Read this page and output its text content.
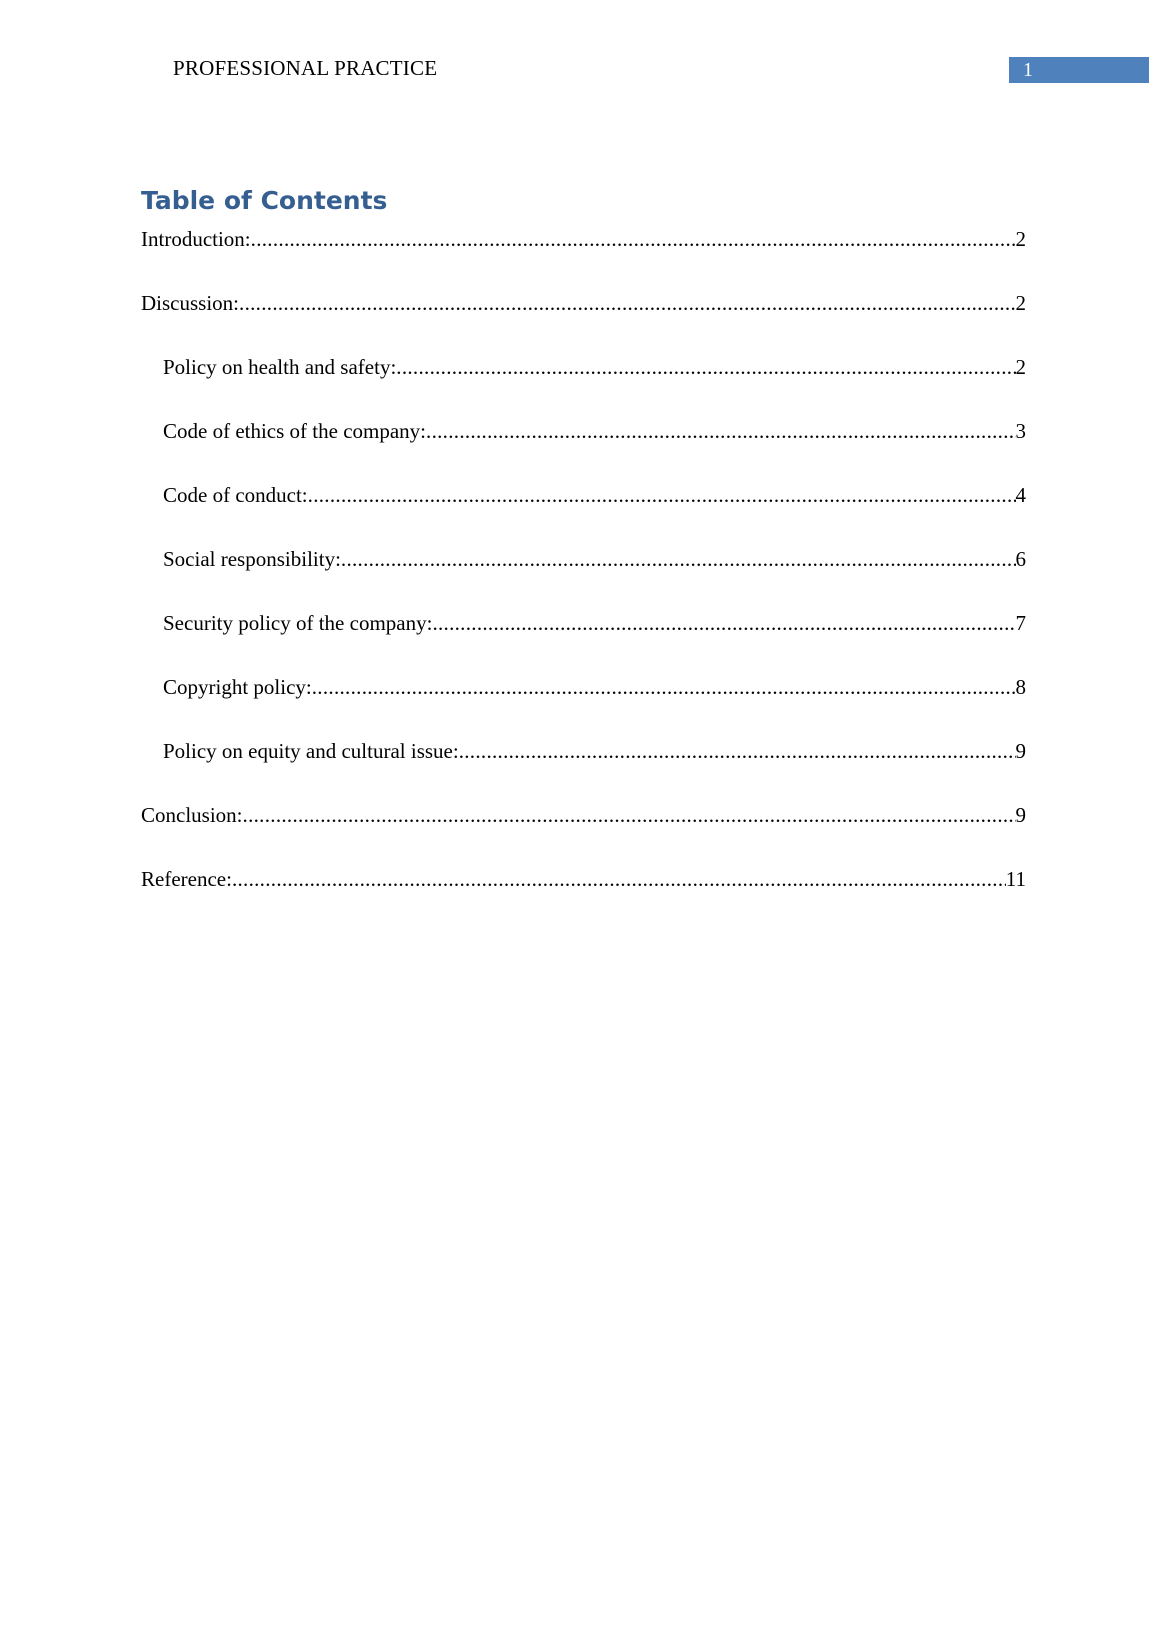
PROFESSIONAL PRACTICE	1
Table of Contents
Introduction: .....	2
Discussion: .....	2
Policy on health and safety: .....	2
Code of ethics of the company: .....	3
Code of conduct: .....	4
Social responsibility: .....	6
Security policy of the company: .....	7
Copyright policy: .....	8
Policy on equity and cultural issue: .....	9
Conclusion: .....	9
Reference: .....	11
